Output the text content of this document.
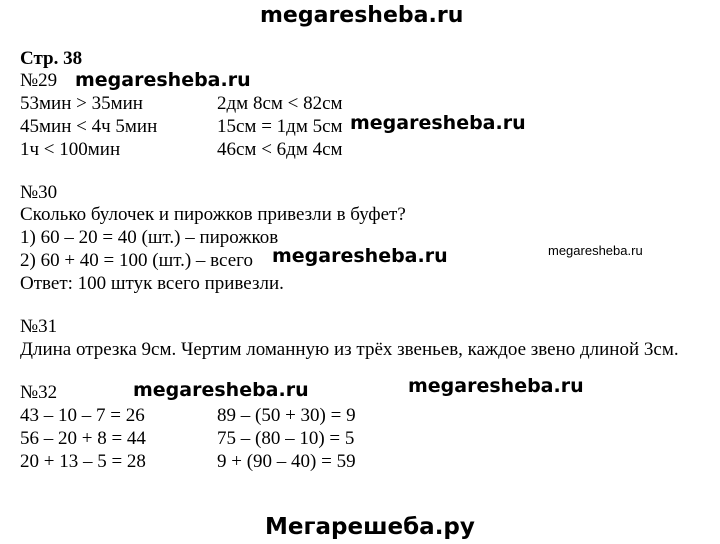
megaresheba.ru
megaresheba.ru
megaresheba.ru
megaresheba.ru	megaresheba.ru
megaresheba.ru	megaresheba.ru
Мегарешеба.ру
Стр. 38
№29
53мин > 35мин	2дм 8см < 82см
45мин < 4ч 5мин	15см = 1дм 5см
1ч < 100мин	46см < 6дм 4см
№30
Сколько булочек и пирожков привезли в буфет?
1) 60 – 20 = 40 (шт.) – пирожков
2) 60 + 40 = 100 (шт.) – всего
Ответ: 100 штук всего привезли.
№31
Длина отрезка 9см. Чертим ломанную из трёх звеньев, каждое звено длиной 3см.
№32
43 – 10 – 7 = 26	89 – (50 + 30) = 9
56 – 20 + 8 = 44	75 – (80 – 10) = 5
20 + 13 – 5 = 28	9 + (90 – 40) = 59
